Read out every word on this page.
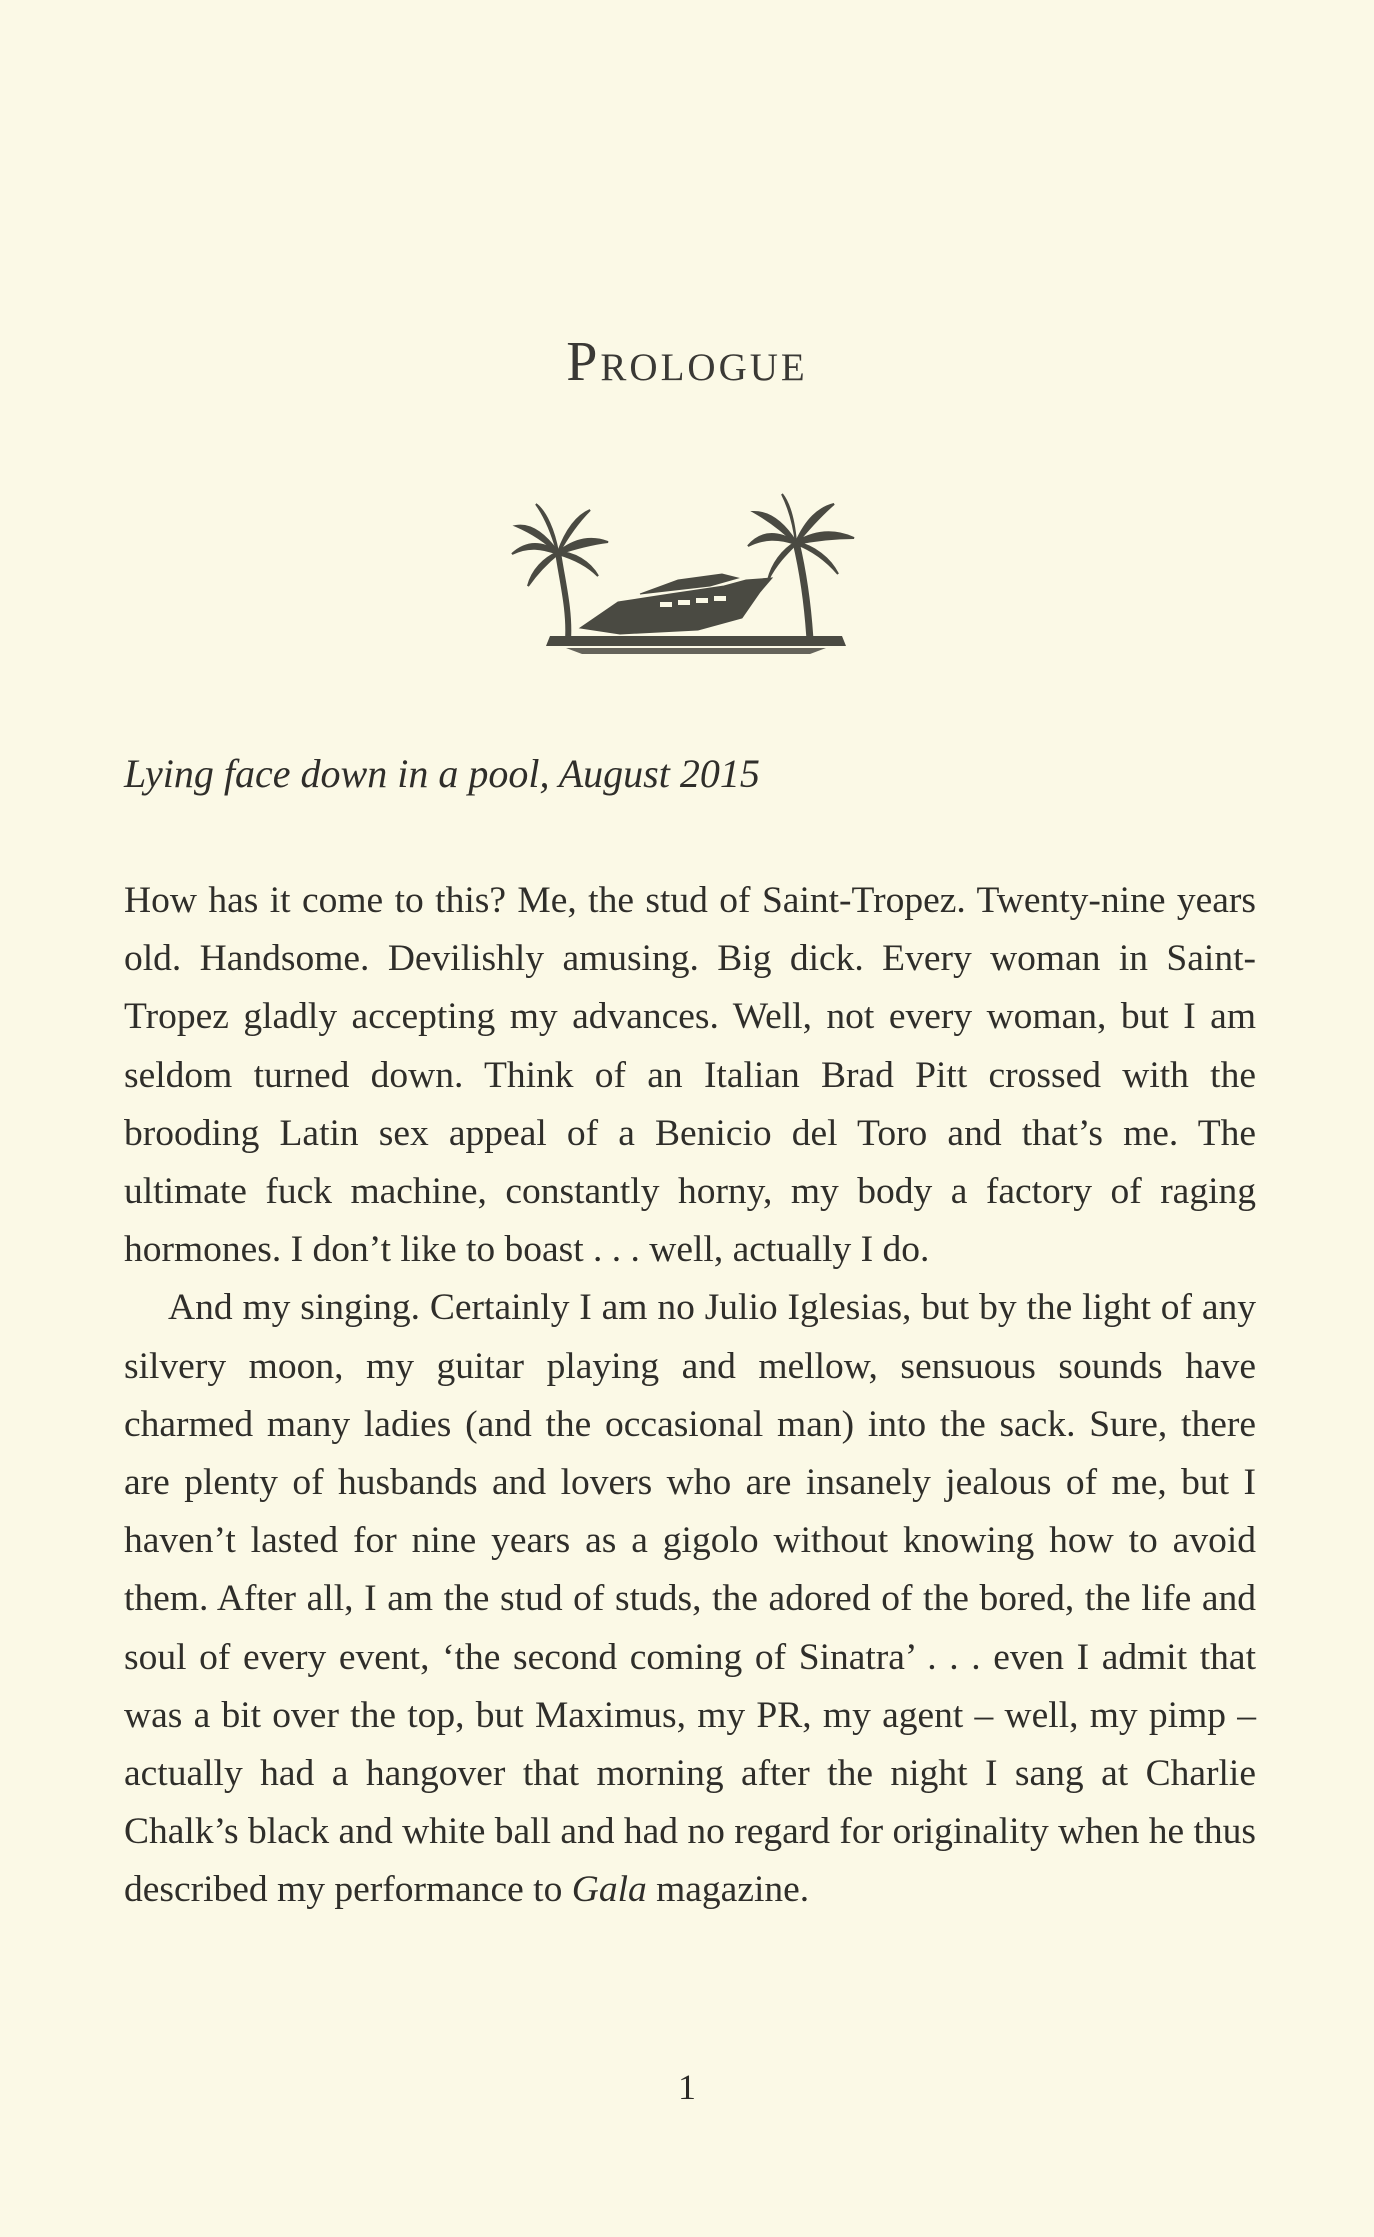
Prologue

Lying face down in a pool, August 2015

How has it come to this? Me, the stud of Saint-Tropez. Twenty-nine years old. Handsome. Devilishly amusing. Big dick. Every woman in Saint-Tropez gladly accepting my advances. Well, not every woman, but I am seldom turned down. Think of an Italian Brad Pitt crossed with the brooding Latin sex appeal of a Benicio del Toro and that’s me. The ultimate fuck machine, constantly horny, my body a factory of raging hormones. I don’t like to boast . . . well, actually I do.

And my singing. Certainly I am no Julio Iglesias, but by the light of any silvery moon, my guitar playing and mellow, sensuous sounds have charmed many ladies (and the occasional man) into the sack. Sure, there are plenty of husbands and lovers who are insanely jealous of me, but I haven’t lasted for nine years as a gigolo without knowing how to avoid them. After all, I am the stud of studs, the adored of the bored, the life and soul of every event, ‘the second coming of Sinatra’ . . . even I admit that was a bit over the top, but Maximus, my PR, my agent – well, my pimp – actually had a hangover that morning after the night I sang at Charlie Chalk’s black and white ball and had no regard for originality when he thus described my performance to Gala magazine.

1
